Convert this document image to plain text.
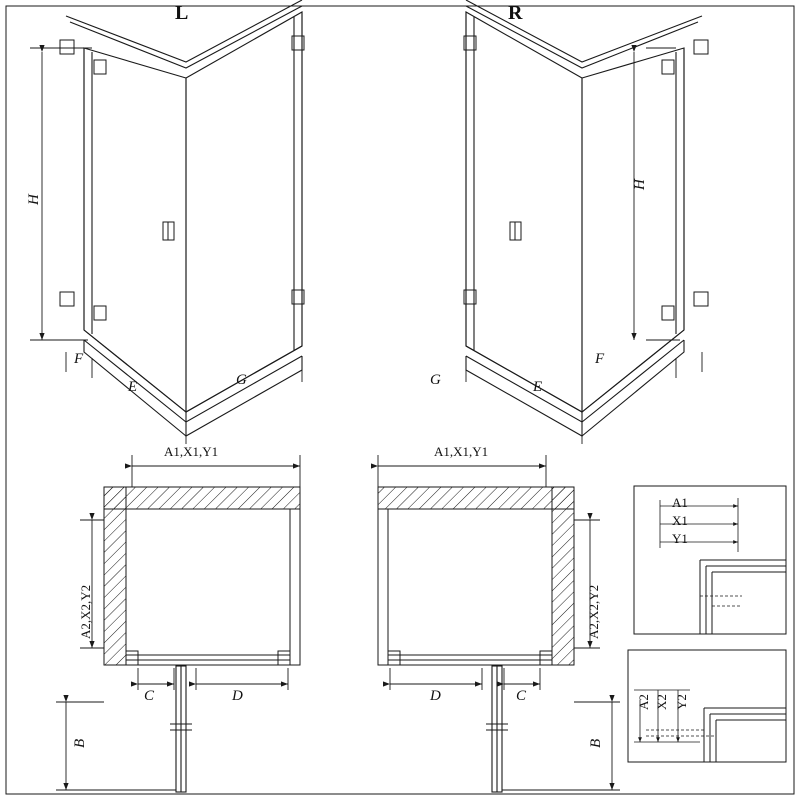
L	R
H
H
F
E	G	G	E
F
A1,X1,Y1
A2,X2,Y2
C	D
B
A1,X1,Y1
A2,X2,Y2
D	C
B
A1
X1
Y1
A2 X2 Y2
